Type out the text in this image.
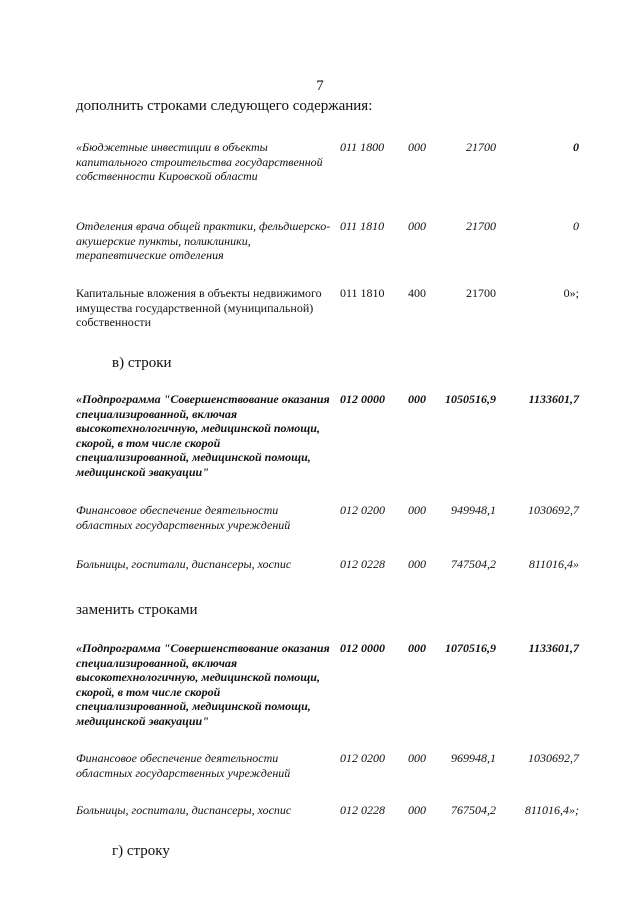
7
дополнить строками следующего содержания:
«Бюджетные инвестиции в объекты капитального строительства государственной собственности Кировской области
011 1800	000	21700	0
Отделения врача общей практики, фельдшерско-акушерские пункты, поликлиники, терапевтические отделения
011 1810	000	21700	0
Капитальные вложения в объекты недвижимого имущества государственной (муниципальной) собственности
011 1810	400	21700	0»;
в) строки
«Подпрограмма "Совершенствование оказания специализированной, включая высокотехнологичную, медицинской помощи, скорой, в том числе скорой специализированной, медицинской помощи, медицинской эвакуации"
012 0000	000	1050516,9	1133601,7
Финансовое обеспечение деятельности областных государственных учреждений
012 0200	000	949948,1	1030692,7
Больницы, госпитали, диспансеры, хоспис	012 0228	000	747504,2	811016,4»
заменить строками
«Подпрограмма "Совершенствование оказания специализированной, включая высокотехнологичную, медицинской помощи, скорой, в том числе скорой специализированной, медицинской помощи, медицинской эвакуации"
012 0000	000	1070516,9	1133601,7
Финансовое обеспечение деятельности областных государственных учреждений
012 0200	000	969948,1	1030692,7
Больницы, госпитали, диспансеры, хоспис	012 0228	000	767504,2	811016,4»;
г) строку
